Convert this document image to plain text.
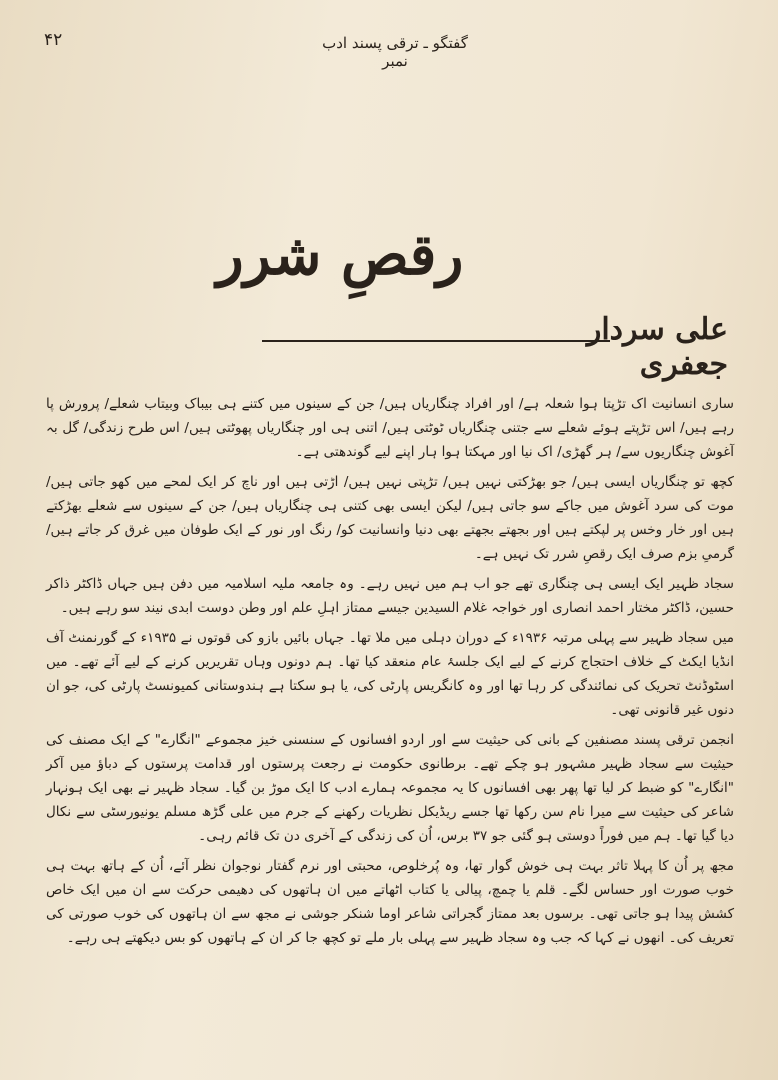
۴۲	گفتگو ـ ترقی پسند ادب نمبر
رقصِ شرر
علی سردار جعفری

ساری انسانیت اک تڑپتا ہوا شعلہ ہے/ اور افراد چنگاریاں ہیں/ جن کے سینوں میں کتنے ہی بیباک وبیتاب شعلے/ پرورش پا رہے ہیں/ اس تڑپتے ہوئے شعلے سے جتنی چنگاریاں ٹوٹتی ہیں/ اتنی ہی اور چنگاریاں پھوٹتی ہیں/ اس طرح زندگی/ گل بہ آغوش چنگاریوں سے/ ہر گھڑی/ اک نیا اور مہکتا ہوا ہار اپنے لیے گوندھتی ہے۔

کچھ تو چنگاریاں ایسی ہیں/ جو بھڑکتی نہیں ہیں/ تڑپتی نہیں ہیں/ اڑتی ہیں اور ناچ کر ایک لمحے میں کھو جاتی ہیں/ موت کی سرد آغوش میں جاکے سو جاتی ہیں/ لیکن ایسی بھی کتنی ہی چنگاریاں ہیں/ جن کے سینوں سے شعلے بھڑکتے ہیں اور خار وخس پر لپکتے ہیں اور بجھتے بجھتے بھی دنیا وانسانیت کو/ رنگ اور نور کے ایک طوفان میں غرق کر جاتے ہیں/ گرمیِ بزم صرف ایک رقصِ شرر تک نہیں ہے۔

سجاد ظہیر ایک ایسی ہی چنگاری تھے جو اب ہم میں نہیں رہے۔ وہ جامعہ ملیہ اسلامیہ میں دفن ہیں جہاں ڈاکٹر ذاکر حسین، ڈاکٹر مختار احمد انصاری اور خواجہ غلام السیدین جیسے ممتاز اہلِ علم اور وطن دوست ابدی نیند سو رہے ہیں۔

میں سجاد ظہیر سے پہلی مرتبہ ۱۹۳۶ء کے دوران دہلی میں ملا تھا۔ جہاں بائیں بازو کی قوتوں نے ۱۹۳۵ء کے گورنمنٹ آف انڈیا ایکٹ کے خلاف احتجاج کرنے کے لیے ایک جلسۂ عام منعقد کیا تھا۔ ہم دونوں وہاں تقریریں کرنے کے لیے آئے تھے۔ میں اسٹوڈنٹ تحریک کی نمائندگی کر رہا تھا اور وہ کانگریس پارٹی کی، یا ہو سکتا ہے ہندوستانی کمیونسٹ پارٹی کی، جو ان دنوں غیر قانونی تھی۔

انجمن ترقی پسند مصنفین کے بانی کی حیثیت سے اور اردو افسانوں کے سنسنی خیز مجموعے "انگارے" کے ایک مصنف کی حیثیت سے سجاد ظہیر مشہور ہو چکے تھے۔ برطانوی حکومت نے رجعت پرستوں اور قدامت پرستوں کے دباؤ میں آکر "انگارے" کو ضبط کر لیا تھا پھر بھی افسانوں کا یہ مجموعہ ہمارے ادب کا ایک موڑ بن گیا۔ سجاد ظہیر نے بھی ایک ہونہار شاعر کی حیثیت سے میرا نام سن رکھا تھا جسے ریڈیکل نظریات رکھنے کے جرم میں علی گڑھ مسلم یونیورسٹی سے نکال دیا گیا تھا۔ ہم میں فوراً دوستی ہو گئی جو ۳۷ برس، اُن کی زندگی کے آخری دن تک قائم رہی۔

مجھ پر اُن کا پہلا تاثر بہت ہی خوش گوار تھا، وہ پُرخلوص، محبتی اور نرم گفتار نوجوان نظر آئے، اُن کے ہاتھ بہت ہی خوب صورت اور حساس لگے۔ قلم یا چمچ، پیالی یا کتاب اٹھاتے میں ان ہاتھوں کی دھیمی حرکت سے ان میں ایک خاص کشش پیدا ہو جاتی تھی۔ برسوں بعد ممتاز گجراتی شاعر اوما شنکر جوشی نے مجھ سے ان ہاتھوں کی خوب صورتی کی تعریف کی۔ انھوں نے کہا کہ جب وہ سجاد ظہیر سے پہلی بار ملے تو کچھ جا کر ان کے ہاتھوں کو بس دیکھتے ہی رہے۔
